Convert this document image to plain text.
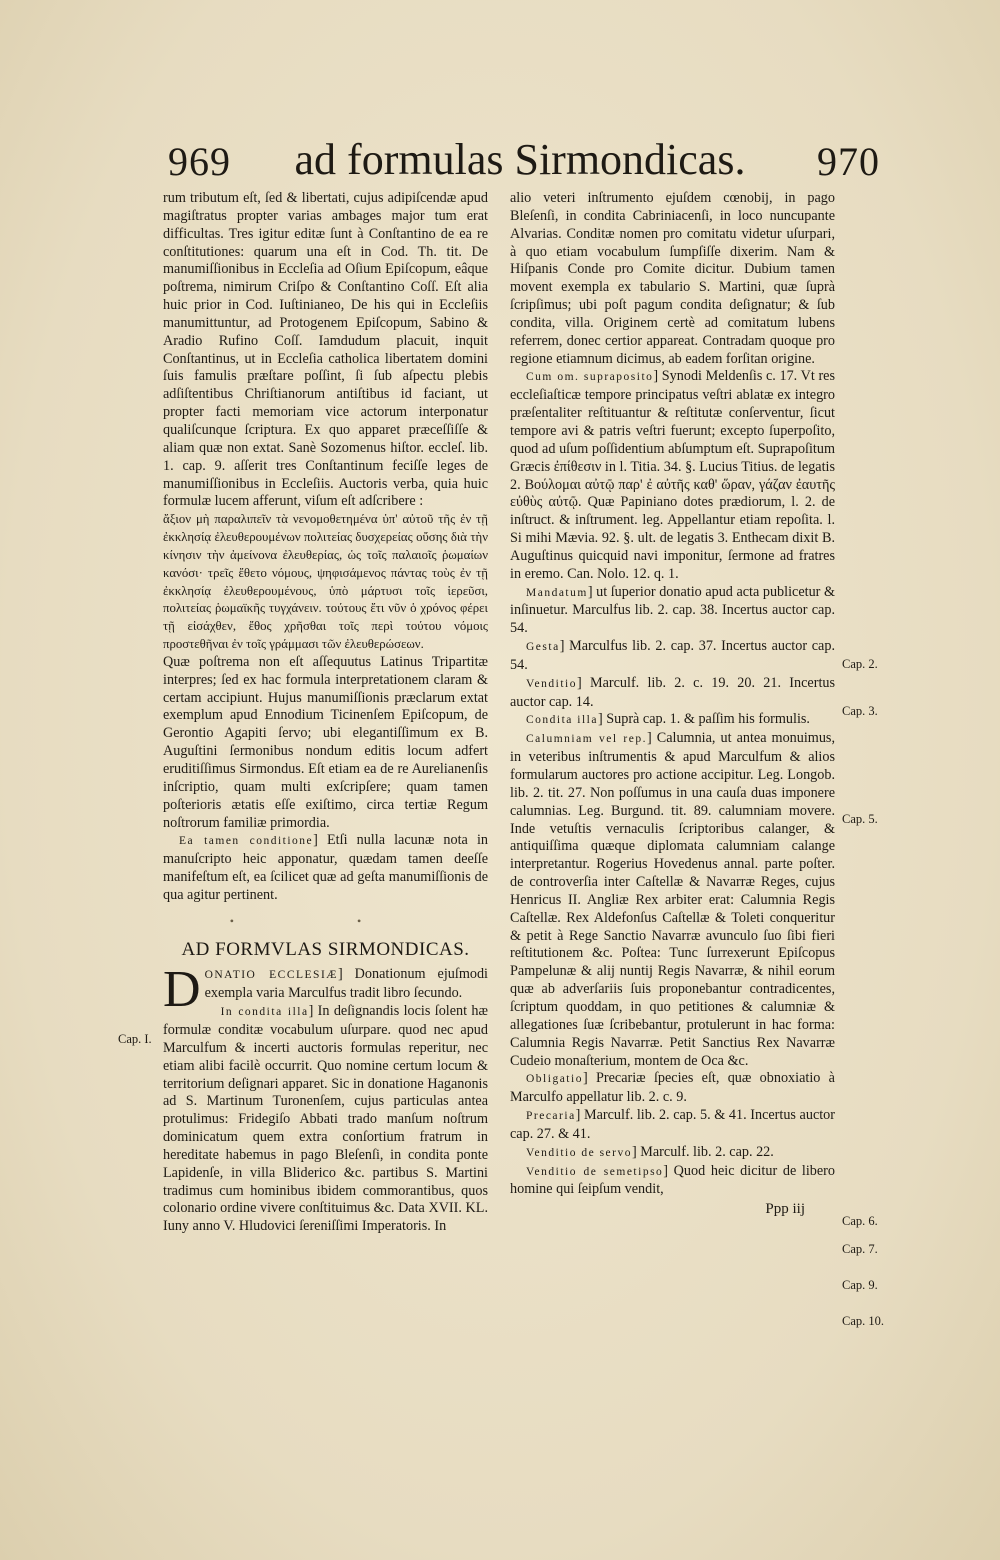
969	ad formulas Sirmondicas.	970

rum tributum eſt, ſed & libertati, cujus adipiſcendæ apud magiſtratus propter varias ambages major tum erat difficultas. Tres igitur editæ ſunt à Conſtantino de ea re conſtitutiones: quarum una eſt in Cod. Th. tit. De manumiſſionibus in Eccleſia ad Oſium Epiſcopum, eâque poſtrema, nimirum Criſpo & Conſtantino Coſſ. Eſt alia huic prior in Cod. Iuſtinianeo, De his qui in Eccleſiis manumittuntur, ad Protogenem Epiſcopum, Sabino & Aradio Rufino Coſſ. Iamdudum placuit, inquit Conſtantinus, ut in Eccleſia catholica libertatem domini ſuis famulis præſtare poſſint, ſi ſub aſpectu plebis adſiſtentibus Chriſtianorum antiſtibus id faciant, ut propter facti memoriam vice actorum interponatur qualiſcunque ſcriptura. Ex quo apparet præceſſiſſe & aliam quæ non extat. Sanè Sozomenus hiſtor. eccleſ. lib. 1. cap. 9. aſſerit tres Conſtantinum feciſſe leges de manumiſſionibus in Eccleſiis. Auctoris verba, quia huic formulæ lucem afferunt, viſum eſt adſcribere :

ἄξιον μὴ παραλιπεῖν τὰ νενομοθετημένα ὑπ' αὐτοῦ τῆς ἐν τῇ ἐκκλησίᾳ ἐλευθερουμένων πολιτείας δυσχερείας οὔσης διὰ τὴν κίνησιν τὴν ἀμείνονα ἐλευθερίας, ὡς τοῖς παλαιοῖς ῥωμαίων κανόσι· τρεῖς ἔθετο νόμους, ψηφισάμενος πάντας τοὺς ἐν τῇ ἐκκλησίᾳ ἐλευθερουμένους, ὑπὸ μάρτυσι τοῖς ἱερεῦσι, πολιτείας ῥωμαϊκῆς τυγχάνειν. τούτους ἔτι νῦν ὁ χρόνος φέρει τῇ εἰσάχθεν, ἔθος χρῆσθαι τοῖς περὶ τούτου νόμοις προστεθῆναι ἐν τοῖς γράμμασι τῶν ἐλευθερώσεων.

Quæ poſtrema non eſt aſſequutus Latinus Tripartitæ interpres; ſed ex hac formula interpretationem claram & certam accipiunt. Hujus manumiſſionis præclarum extat exemplum apud Ennodium Ticinenſem Epiſcopum, de Gerontio Agapiti ſervo; ubi elegantiſſimum ex B. Auguſtini ſermonibus nondum editis locum adfert eruditiſſimus Sirmondus. Eſt etiam ea de re Aurelianenſis inſcriptio, quam multi exſcripſere; quam tamen poſterioris ætatis eſſe exiſtimo, circa tertiæ Regum noſtrorum familiæ primordia.

Ea tamen conditione] Etſi nulla lacunæ nota in manuſcripto heic apponatur, quædam tamen deeſſe manifeſtum eſt, ea ſcilicet quæ ad geſta manumiſſionis de qua agitur pertinent.

• •
AD FORMVLAS SIRMONDICAS.

DONATIO ECCLESIÆ] Donationum ejuſmodi exempla varia Marculfus tradit libro ſecundo.

In condita illa] In deſignandis locis ſolent hæ formulæ conditæ vocabulum uſurpare. quod nec apud Marculfum & incerti auctoris formulas reperitur, nec etiam alibi facilè occurrit. Quo nomine certum locum & territorium deſignari apparet. Sic in donatione Haganonis ad S. Martinum Turonenſem, cujus particulas antea protulimus: Fridegiſo Abbati trado manſum noſtrum dominicatum quem extra conſortium fratrum in hereditate habemus in pago Bleſenſi, in condita ponte Lapidenſe, in villa Bliderico &c. partibus S. Martini tradimus cum hominibus ibidem commorantibus, quos colonario ordine vivere conſtituimus &c. Data XVII. KL. Iuny anno V. Hludovici ſereniſſimi Imperatoris. In

Cap. I.

alio veteri inſtrumento ejuſdem cœnobij, in pago Bleſenſi, in condita Cabriniacenſi, in loco nuncupante Alvarias. Conditæ nomen pro comitatu videtur uſurpari, à quo etiam vocabulum ſumpſiſſe dixerim. Nam & Hiſpanis Conde pro Comite dicitur. Dubium tamen movent exempla ex tabulario S. Martini, quæ ſuprà ſcripſimus; ubi poſt pagum condita deſignatur; & ſub condita, villa. Originem certè ad comitatum lubens referrem, donec certior appareat. Contradam quoque pro regione etiamnum dicimus, ab eadem forſitan origine.

Cum om. supraposito] Synodi Meldenſis c. 17. Vt res eccleſiaſticæ tempore principatus veſtri ablatæ ex integro præſentaliter reſtituantur & reſtitutæ conſerventur, ſicut tempore avi & patris veſtri fuerunt; excepto ſuperpoſito, quod ad uſum poſſidentium abſumptum eſt. Suprapoſitum Græcis ἐπίθεσιν in l. Titia. 34. §. Lucius Titius. de legatis 2. Βούλομαι αὐτῷ παρ' ἐ αὐτῆς καθ' ὥραν, γάζαν ἐαυτῆς εὐθὺς αὐτῷ. Quæ Papiniano dotes prædiorum, l. 2. de inſtruct. & inſtrument. leg. Appellantur etiam repoſita. l. Si mihi Mævia. 92. §. ult. de legatis 3. Enthecam dixit B. Auguſtinus quicquid navi imponitur, ſermone ad fratres in eremo. Can. Nolo. 12. q. 1.

Mandatum] ut ſuperior donatio apud acta publicetur & inſinuetur. Marculfus lib. 2. cap. 38. Incertus auctor cap. 54.

Gesta] Marculfus lib. 2. cap. 37. Incertus auctor cap. 54.

Venditio] Marculf. lib. 2. c. 19. 20. 21. Incertus auctor cap. 14.

Condita illa] Suprà cap. 1. & paſſim his formulis.

Calumniam vel rep.] Calumnia, ut antea monuimus, in veteribus inſtrumentis & apud Marculfum & alios formularum auctores pro actione accipitur. Leg. Longob. lib. 2. tit. 27. Non poſſumus in una cauſa duas imponere calumnias. Leg. Burgund. tit. 89. calumniam movere. Inde vetuſtis vernaculis ſcriptoribus calanger, & antiquiſſima quæque diplomata calumniam calange interpretantur. Rogerius Hovedenus annal. parte poſter. de controverſia inter Caſtellæ & Navarræ Reges, cujus Henricus II. Angliæ Rex arbiter erat: Calumnia Regis Caſtellæ. Rex Aldefonſus Caſtellæ & Toleti conqueritur & petit à Rege Sanctio Navarræ avunculo ſuo ſibi fieri reſtitutionem &c. Poſtea: Tunc ſurrexerunt Epiſcopus Pampelunæ & alij nuntij Regis Navarræ, & nihil eorum quæ ab adverſariis ſuis proponebantur contradicentes, ſcriptum quoddam, in quo petitiones & calumniæ & allegationes ſuæ ſcribebantur, protulerunt in hac forma: Calumnia Regis Navarræ. Petit Sanctius Rex Navarræ Cudeio monaſterium, montem de Oca &c.

Obligatio] Precariæ ſpecies eſt, quæ obnoxiatio à Marculfo appellatur lib. 2. c. 9.

Precaria] Marculf. lib. 2. cap. 5. & 41. Incertus auctor cap. 27. & 41.

Venditio de servo] Marculf. lib. 2. cap. 22.

Venditio de semetipso] Quod heic dicitur de libero homine qui ſeipſum vendit,

Ppp iij
Cap. 2.
Cap. 3.
Cap. 5.
Cap. 6.
Cap. 7.
Cap. 9.
Cap. 10.
